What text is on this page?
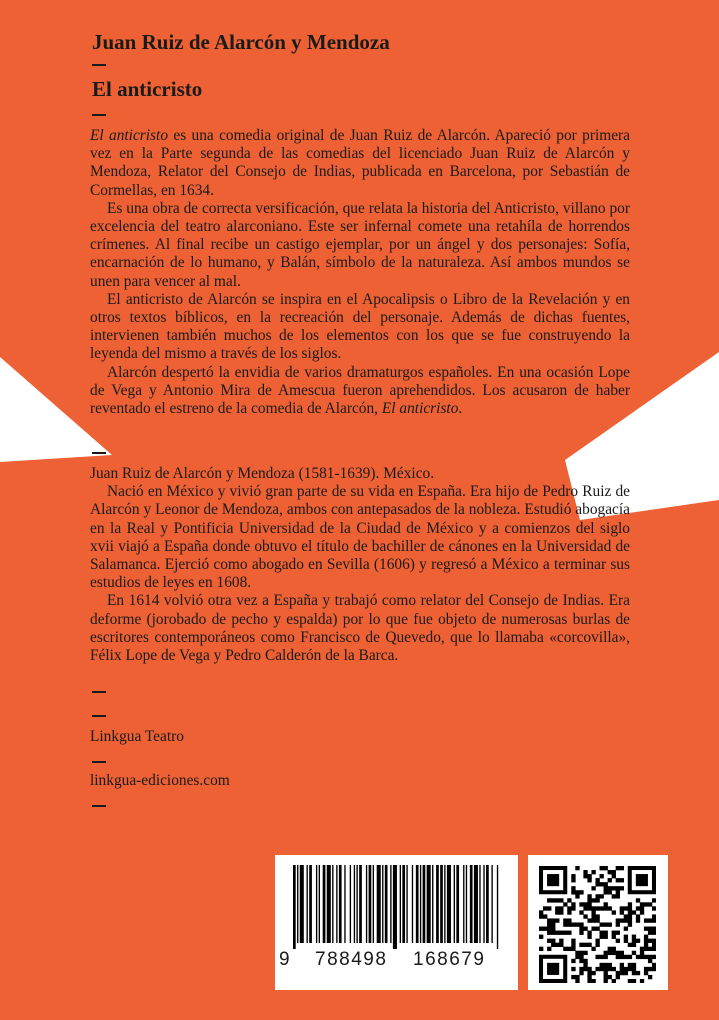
Juan Ruiz de Alarcón y Mendoza
El anticristo

El anticristo es una comedia original de Juan Ruiz de Alarcón. Apareció por primera vez en la Parte segunda de las comedias del licenciado Juan Ruiz de Alarcón y Mendoza, Relator del Consejo de Indias, publicada en Barcelona, por Sebastián de Cormellas, en 1634.

Es una obra de correcta versificación, que relata la historia del Anticristo, villano por excelencia del teatro alarconiano. Este ser infernal comete una retahíla de horrendos crímenes. Al final recibe un castigo ejemplar, por un ángel y dos personajes: Sofía, encarnación de lo humano, y Balán, símbolo de la naturaleza. Así ambos mundos se unen para vencer al mal.

El anticristo de Alarcón se inspira en el Apocalipsis o Libro de la Revelación y en otros textos bíblicos, en la recreación del personaje. Además de dichas fuentes, intervienen también muchos de los elementos con los que se fue construyendo la leyenda del mismo a través de los siglos.

Alarcón despertó la envidia de varios dramaturgos españoles. En una ocasión Lope de Vega y Antonio Mira de Amescua fueron aprehendidos. Los acusaron de haber reventado el estreno de la comedia de Alarcón, El anticristo.

Juan Ruiz de Alarcón y Mendoza (1581-1639). México.

Nació en México y vivió gran parte de su vida en España. Era hijo de Pedro Ruiz de Alarcón y Leonor de Mendoza, ambos con antepasados de la nobleza. Estudió abogacía en la Real y Pontificia Universidad de la Ciudad de México y a comienzos del siglo xvii viajó a España donde obtuvo el título de bachiller de cánones en la Universidad de Salamanca. Ejerció como abogado en Sevilla (1606) y regresó a México a terminar sus estudios de leyes en 1608.

En 1614 volvió otra vez a España y trabajó como relator del Consejo de Indias. Era deforme (jorobado de pecho y espalda) por lo que fue objeto de numerosas burlas de escritores contemporáneos como Francisco de Quevedo, que lo llamaba «corcovilla», Félix Lope de Vega y Pedro Calderón de la Barca.

Linkgua Teatro
linkgua-ediciones.com
9 788498 168679
